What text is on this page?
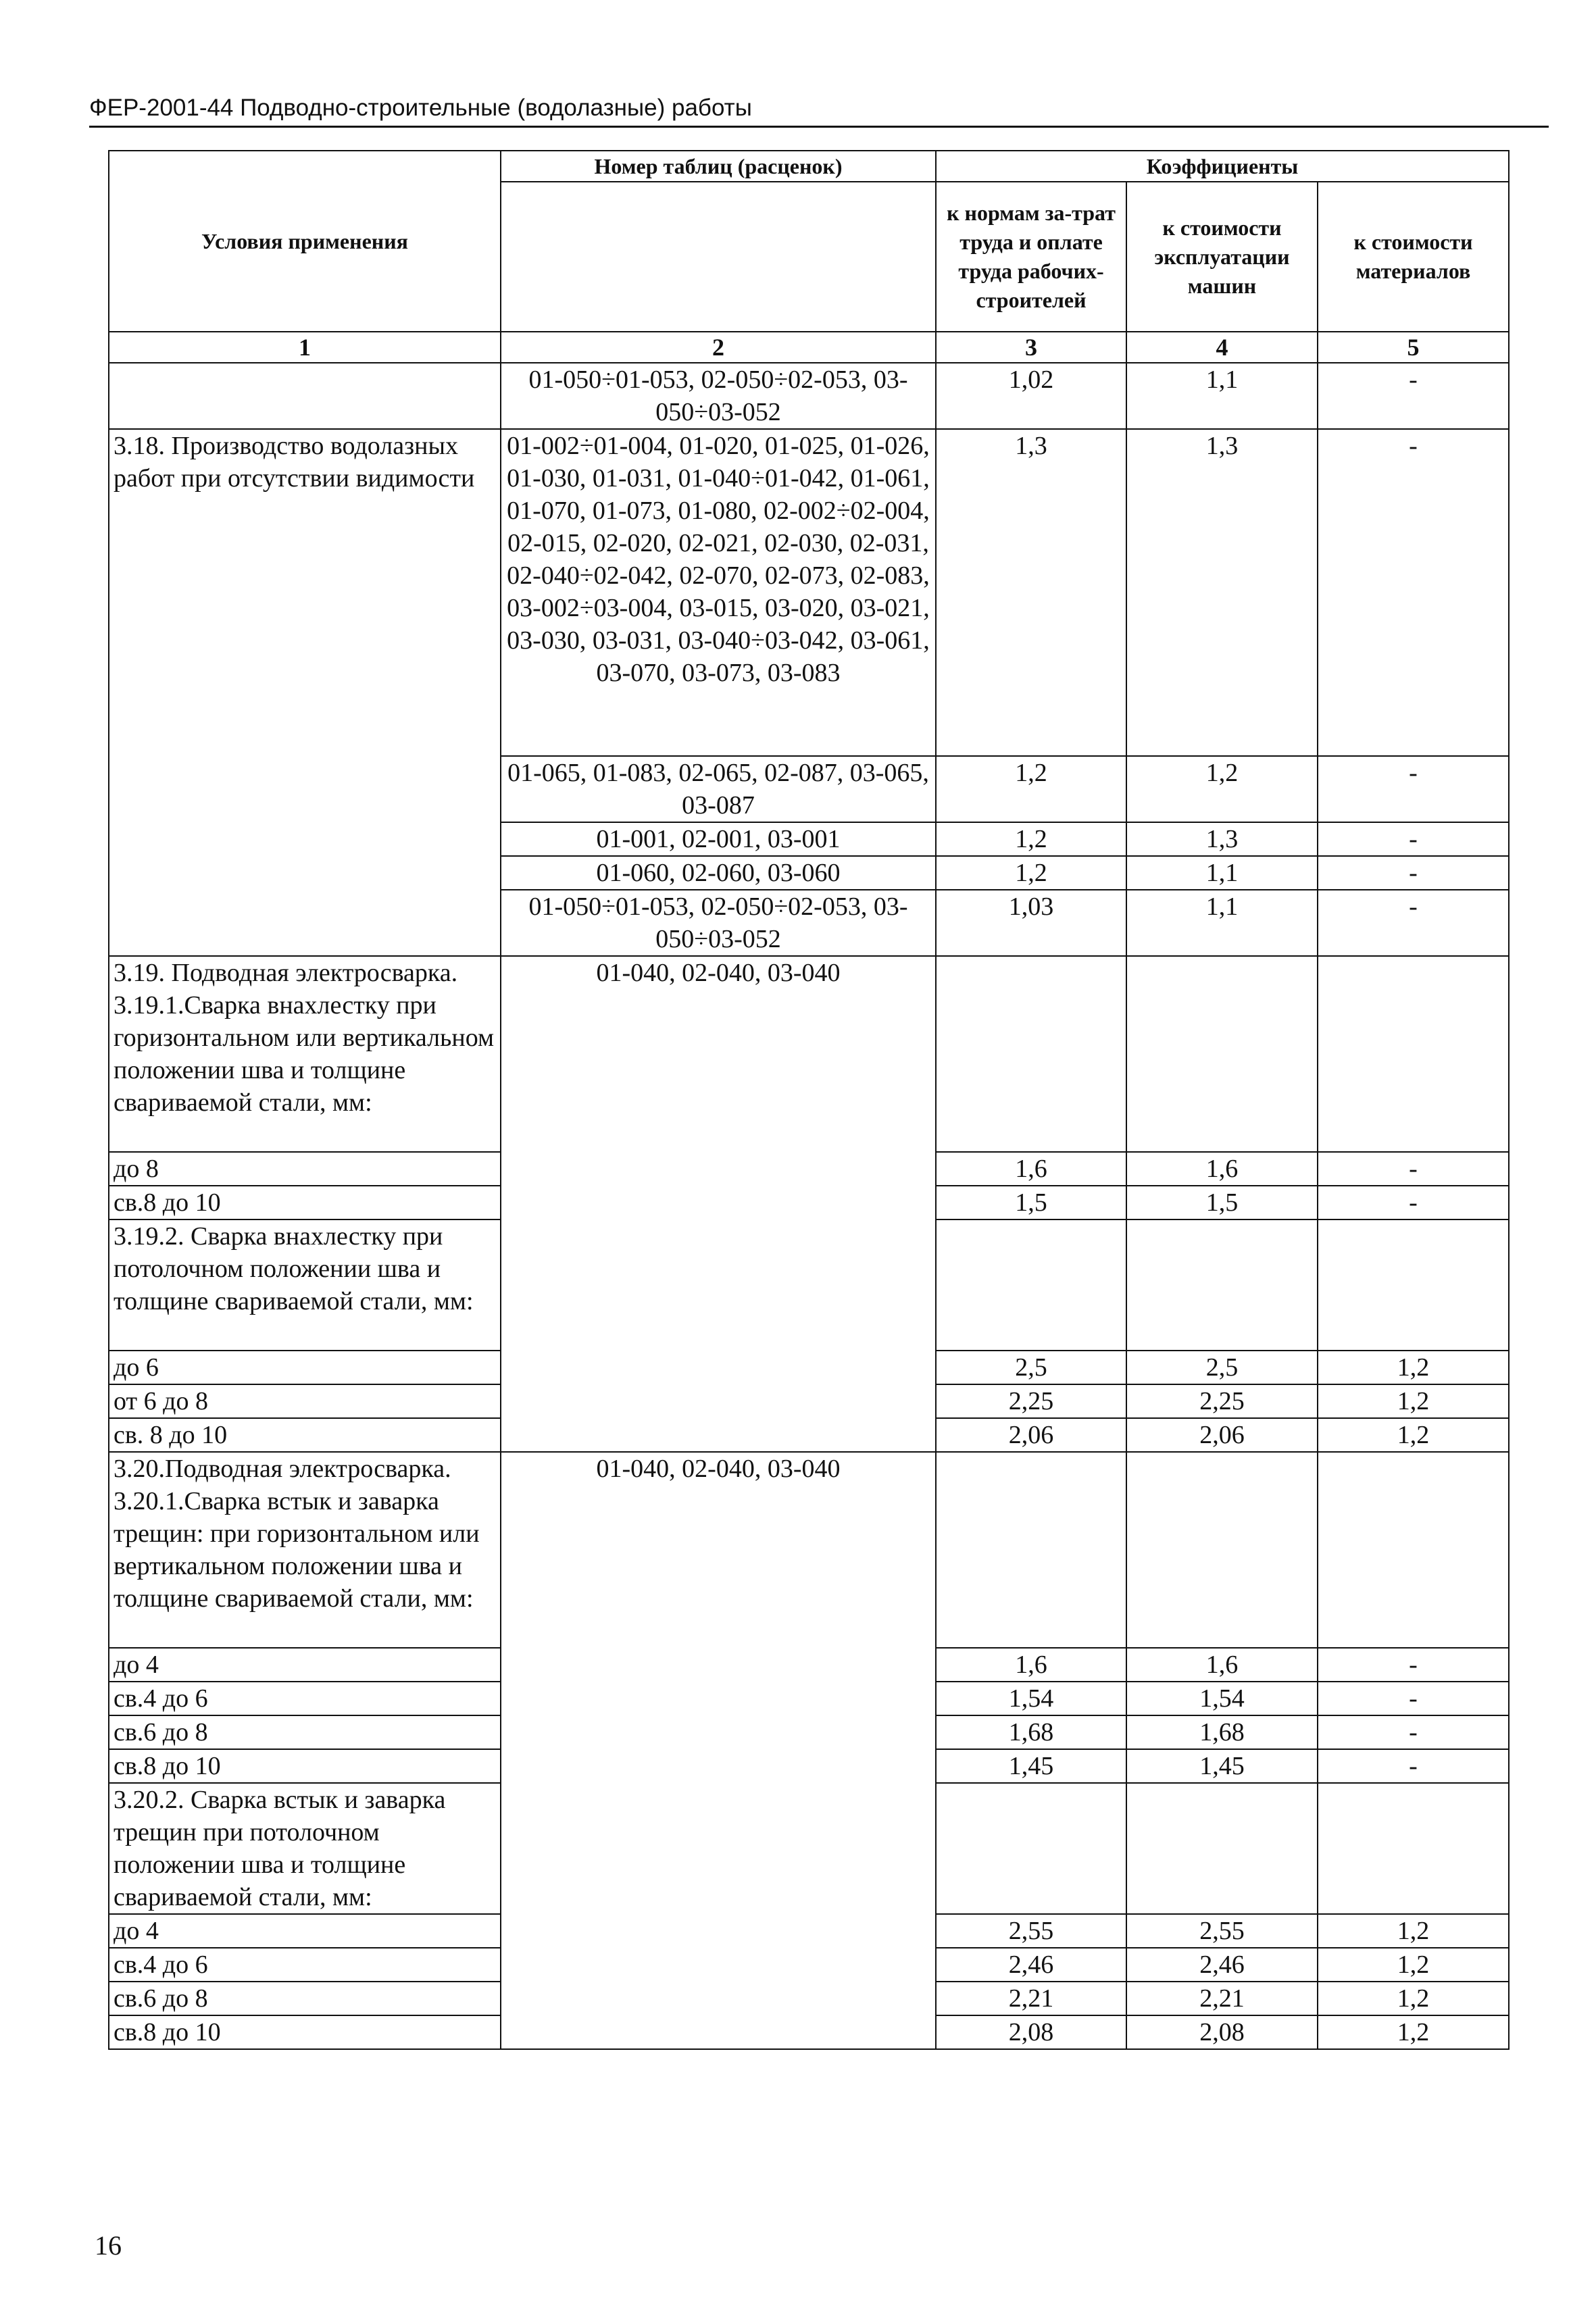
ФЕР-2001-44 Подводно-строительные (водолазные) работы
Условия применения	Номер таблиц (расценок)	Коэффициенты		
		к нормам за-трат труда и оплате труда рабочих-строителей	к стоимости эксплуатации машин	к стоимости материалов
1	2	3	4	5
	01-050÷01-053, 02-050÷02-053, 03-050÷03-052	1,02	1,1	-
3.18. Производство водолазных работ при отсутствии видимости	01-002÷01-004, 01-020, 01-025, 01-026, 01-030, 01-031, 01-040÷01-042, 01-061, 01-070, 01-073, 01-080, 02-002÷02-004, 02-015, 02-020, 02-021, 02-030, 02-031, 02-040÷02-042, 02-070, 02-073, 02-083, 03-002÷03-004, 03-015, 03-020, 03-021, 03-030, 03-031, 03-040÷03-042, 03-061, 03-070, 03-073, 03-083	1,3	1,3	-
	01-065, 01-083, 02-065, 02-087, 03-065, 03-087	1,2	1,2	-
	01-001, 02-001, 03-001	1,2	1,3	-
	01-060, 02-060, 03-060	1,2	1,1	-
	01-050÷01-053, 02-050÷02-053, 03-050÷03-052	1,03	1,1	-
3.19. Подводная электросварка. 3.19.1.Сварка внахлестку при горизонтальном или вертикальном положении шва и толщине свариваемой стали, мм:	01-040, 02-040, 03-040			
до 8		1,6	1,6	-
св.8 до 10		1,5	1,5	-
3.19.2. Сварка внахлестку при потолочном положении шва и толщине свариваемой стали, мм:				
до 6		2,5	2,5	1,2
от 6 до 8		2,25	2,25	1,2
св. 8 до 10		2,06	2,06	1,2
3.20.Подводная электросварка. 3.20.1.Сварка встык и заварка трещин: при горизонтальном или вертикальном положении шва и толщине свариваемой стали, мм:	01-040, 02-040, 03-040			
до 4		1,6	1,6	-
св.4 до 6		1,54	1,54	-
св.6 до 8		1,68	1,68	-
св.8 до 10		1,45	1,45	-
3.20.2. Сварка встык и заварка трещин при потолочном положении шва и толщине свариваемой стали, мм:				
до 4		2,55	2,55	1,2
св.4 до 6		2,46	2,46	1,2
св.6 до 8		2,21	2,21	1,2
св.8 до 10		2,08	2,08	1,2
16
